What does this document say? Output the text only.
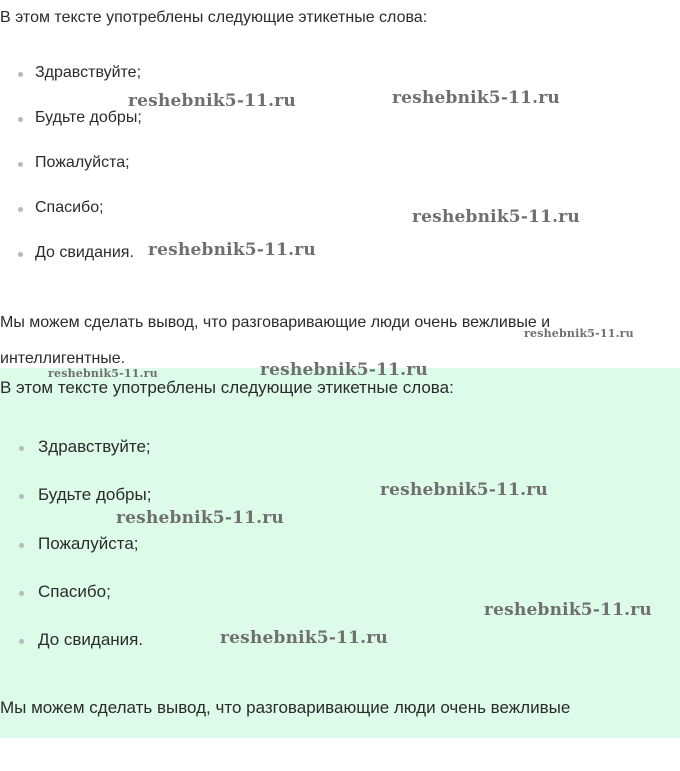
В этом тексте употреблены следующие этикетные слова:

Здравствуйте;
Будьте добры;
Пожалуйста;
Спасибо;
До свидания.

Мы можем сделать вывод, что разговаривающие люди очень вежливые и интеллигентные.

В этом тексте употреблены следующие этикетные слова:

Здравствуйте;
Будьте добры;
Пожалуйста;
Спасибо;
До свидания.

Мы можем сделать вывод, что разговаривающие люди очень вежливые

reshebnik5-11.ru	reshebnik5-11.ru
reshebnik5-11.ru
reshebnik5-11.ru
reshebnik5-11.ru
reshebnik5-11.ru
reshebnik5-11.ru
reshebnik5-11.ru
reshebnik5-11.ru
reshebnik5-11.ru
reshebnik5-11.ru
